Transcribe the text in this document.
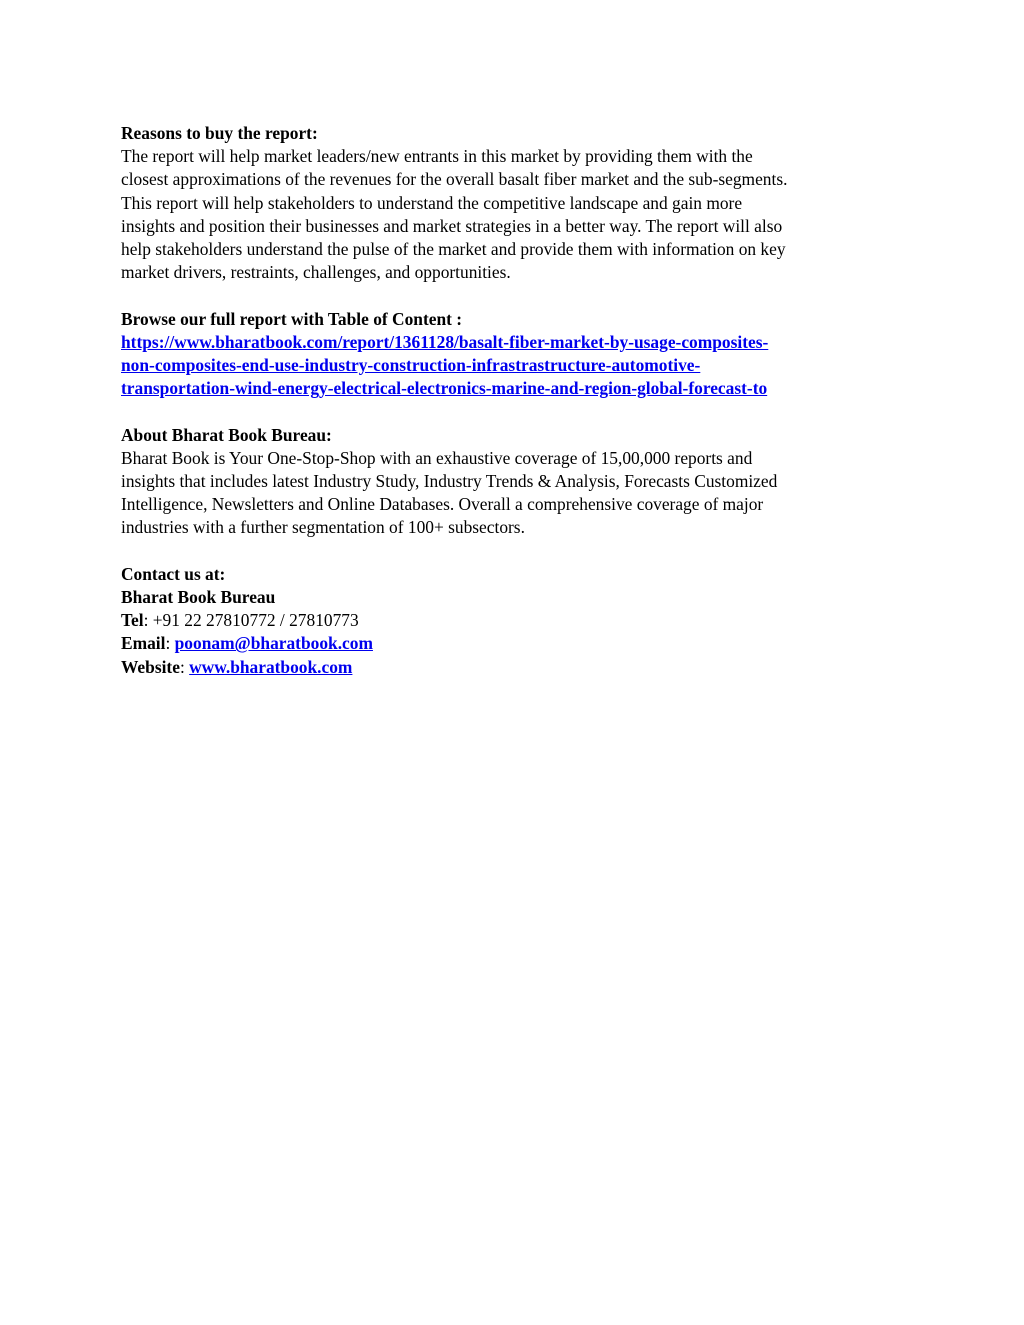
Reasons to buy the report:
The report will help market leaders/new entrants in this market by providing them with the
closest approximations of the revenues for the overall basalt fiber market and the sub-segments.
This report will help stakeholders to understand the competitive landscape and gain more
insights and position their businesses and market strategies in a better way. The report will also
help stakeholders understand the pulse of the market and provide them with information on key
market drivers, restraints, challenges, and opportunities.
Browse our full report with Table of Content :
https://www.bharatbook.com/report/1361128/basalt-fiber-market-by-usage-composites-
non-composites-end-use-industry-construction-infrastrastructure-automotive-
transportation-wind-energy-electrical-electronics-marine-and-region-global-forecast-to
About Bharat Book Bureau:
Bharat Book is Your One-Stop-Shop with an exhaustive coverage of 15,00,000 reports and
insights that includes latest Industry Study, Industry Trends & Analysis, Forecasts Customized
Intelligence, Newsletters and Online Databases. Overall a comprehensive coverage of major
industries with a further segmentation of 100+ subsectors.
Contact us at:
Bharat Book Bureau
Tel: +91 22 27810772 / 27810773
Email: poonam@bharatbook.com
Website: www.bharatbook.com
